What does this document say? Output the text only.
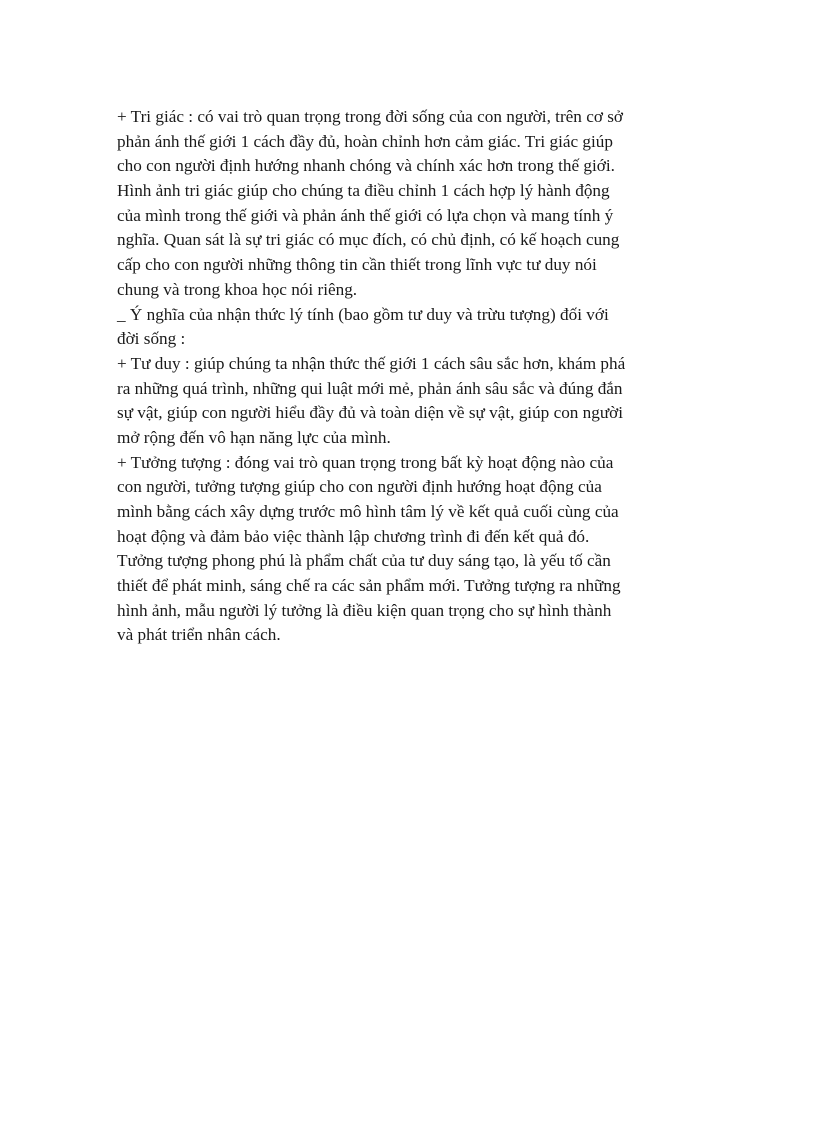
+ Tri giác : có vai trò quan trọng trong đời sống của con người, trên cơ sở
phản ánh thế giới 1 cách đầy đủ, hoàn chỉnh hơn cảm giác. Tri giác giúp
cho con người định hướng nhanh chóng và chính xác hơn trong thế giới.
Hình ảnh tri giác giúp cho chúng ta điều chỉnh 1 cách hợp lý hành động
của mình trong thế giới và phản ánh thế giới có lựa chọn và mang tính ý
nghĩa. Quan sát là sự tri giác có mục đích, có chủ định, có kế hoạch cung
cấp cho con người những thông tin cần thiết trong lĩnh vực tư duy nói
chung và trong khoa học nói riêng.
_ Ý nghĩa của nhận thức lý tính (bao gồm tư duy và trừu tượng) đối với
đời sống :
+ Tư duy : giúp chúng ta nhận thức thế giới 1 cách sâu sắc hơn, khám phá
ra những quá trình, những qui luật mới mẻ, phản ánh sâu sắc và đúng đắn
sự vật, giúp con người hiểu đầy đủ và toàn diện về sự vật, giúp con người
mở rộng đến vô hạn năng lực của mình.
+ Tưởng tượng : đóng vai trò quan trọng trong bất kỳ hoạt động nào của
con người, tưởng tượng giúp cho con người định hướng hoạt động của
mình bằng cách xây dựng trước mô hình tâm lý về kết quả cuối cùng của
hoạt động và đảm bảo việc thành lập chương trình đi đến kết quả đó.
Tưởng tượng phong phú là phẩm chất của tư duy sáng tạo, là yếu tố cần
thiết để phát minh, sáng chế ra các sản phẩm mới. Tưởng tượng ra những
hình ảnh, mẫu người lý tưởng là điều kiện quan trọng cho sự hình thành
và phát triển nhân cách.
